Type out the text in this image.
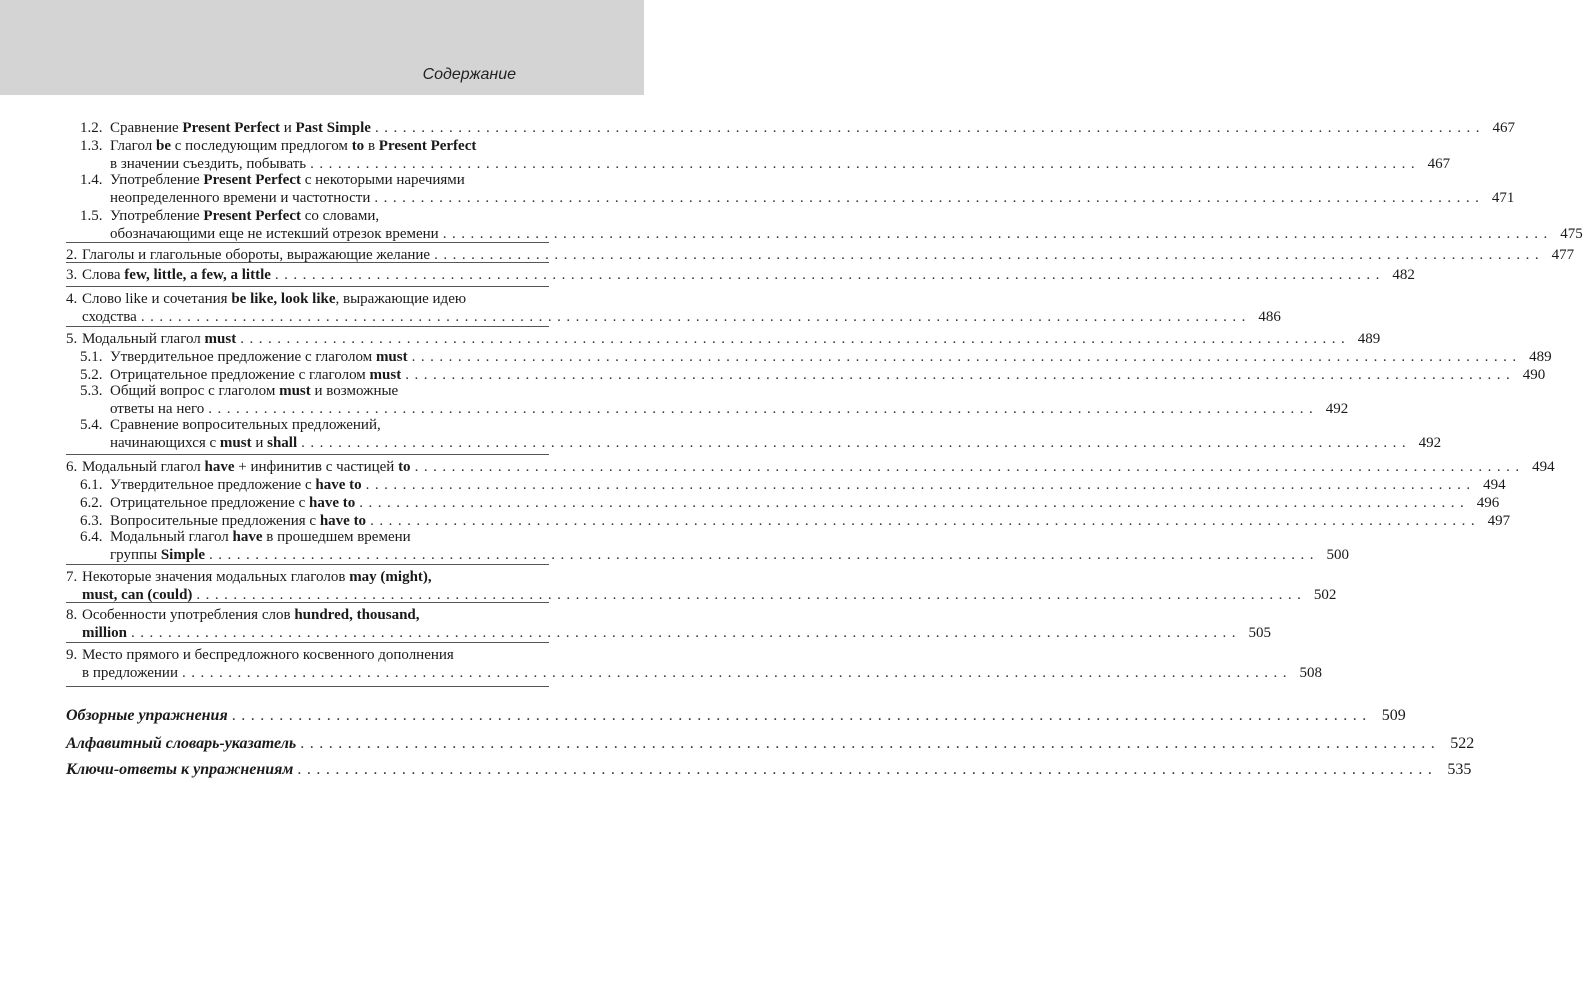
Содержание
1.2. Сравнение Present Perfect и Past Simple ........................................................................................................................ 467
1.3. Глагол be с последующим предлогом to в Present Perfect
в значении съездить, побывать ........................................................................................................................ 467
1.4. Употребление Present Perfect с некоторыми наречиями
неопределенного времени и частотности ........................................................................................................................ 471
1.5. Употребление Present Perfect со словами,
обозначающими еще не истекший отрезок времени ........................................................................................................................ 475
2. Глаголы и глагольные обороты, выражающие желание ........................................................................................................................ 477
3. Слова few, little, a few, a little ........................................................................................................................ 482
4. Слово like и сочетания be like, look like, выражающие идею
сходства ........................................................................................................................ 486
5. Модальный глагол must ........................................................................................................................ 489
5.1. Утвердительное предложение с глаголом must ........................................................................................................................ 489
5.2. Отрицательное предложение с глаголом must ........................................................................................................................ 490
5.3. Общий вопрос с глаголом must и возможные
ответы на него ........................................................................................................................ 492
5.4. Сравнение вопросительных предложений,
начинающихся с must и shall ........................................................................................................................ 492
6. Модальный глагол have + инфинитив с частицей to ........................................................................................................................ 494
6.1. Утвердительное предложение с have to ........................................................................................................................ 494
6.2. Отрицательное предложение с have to ........................................................................................................................ 496
6.3. Вопросительные предложения с have to ........................................................................................................................ 497
6.4. Модальный глагол have в прошедшем времени
группы Simple ........................................................................................................................ 500
7. Некоторые значения модальных глаголов may (might),
must, can (could) ........................................................................................................................ 502
8. Особенности употребления слов hundred, thousand,
million ........................................................................................................................ 505
9. Место прямого и беспредложного косвенного дополнения
в предложении ........................................................................................................................ 508
Обзорные упражнения ........................................................................................................................ 509
Алфавитный словарь-указатель ........................................................................................................................ 522
Ключи-ответы к упражнениям ........................................................................................................................ 535
